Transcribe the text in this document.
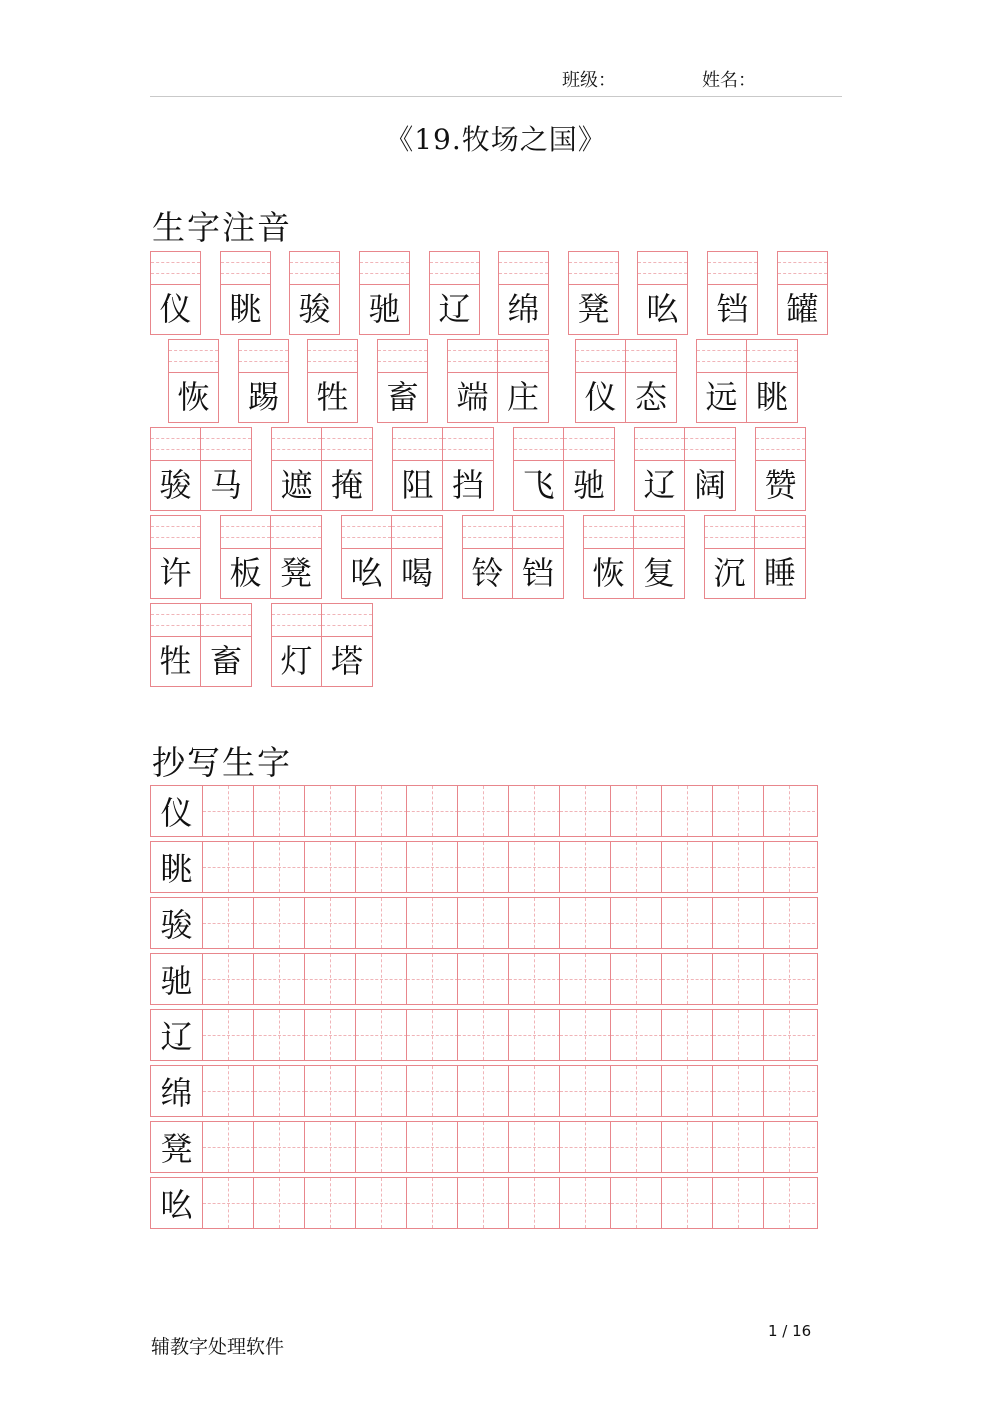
班级：	姓名：
《19.牧场之国》
生字注音
仪 眺 骏 驰 辽 绵 凳 吆 铛 罐
恢 踢 牲 畜 端 庄 仪 态 远 眺
骏 马 遮 掩 阻 挡 飞 驰 辽 阔 赞
许 板 凳 吆 喝 铃 铛 恢 复 沉 睡
牲 畜 灯 塔
抄写生字
仪
眺
骏
驰
辽
绵
凳
吆
辅教字处理软件
1 / 16
